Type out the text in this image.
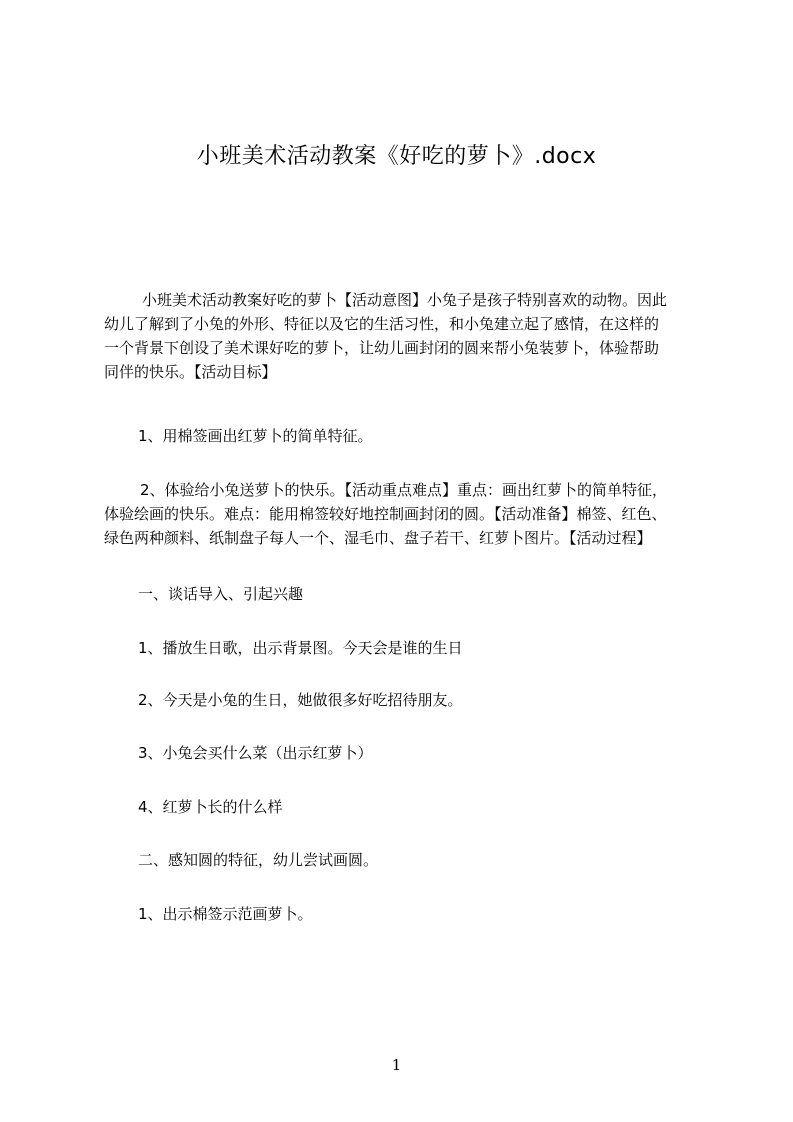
小班美术活动教案《好吃的萝卜》.docx
小班美术活动教案好吃的萝卜【活动意图】小兔子是孩子特别喜欢的动物。因此
幼儿了解到了小兔的外形、特征以及它的生活习性，和小兔建立起了感情，在这样的
一个背景下创设了美术课好吃的萝卜，让幼儿画封闭的圆来帮小兔装萝卜，体验帮助
同伴的快乐。【活动目标】
1、用棉签画出红萝卜的简单特征。
2、体验给小兔送萝卜的快乐。【活动重点难点】重点：画出红萝卜的简单特征，
体验绘画的快乐。难点：能用棉签较好地控制画封闭的圆。【活动准备】棉签、红色、
绿色两种颜料、纸制盘子每人一个、湿毛巾、盘子若干、红萝卜图片。【活动过程】
一、谈话导入、引起兴趣
1、播放生日歌，出示背景图。今天会是谁的生日
2、今天是小兔的生日，她做很多好吃招待朋友。
3、小兔会买什么菜（出示红萝卜）
4、红萝卜长的什么样
二、感知圆的特征，幼儿尝试画圆。
1、出示棉签示范画萝卜。
1
